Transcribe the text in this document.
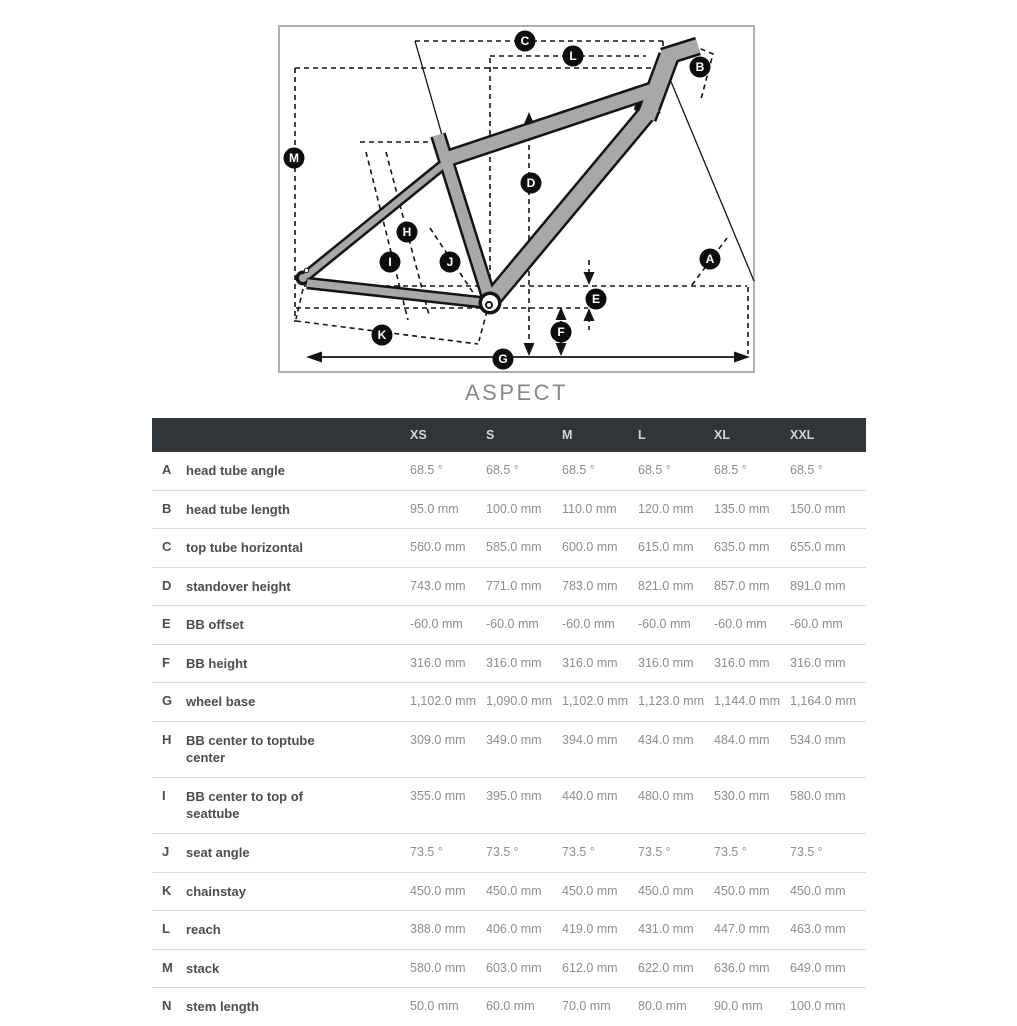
A
B
C
D
E
F
G
H
I	J
K
L
M
ASPECT
		XS	S	M	L	XL	XXL
A	head tube angle	68.5 °	68.5 °	68.5 °	68.5 °	68.5 °	68.5 °
B	head tube length	95.0 mm	100.0 mm	110.0 mm	120.0 mm	135.0 mm	150.0 mm
C	top tube horizontal	560.0 mm	585.0 mm	600.0 mm	615.0 mm	635.0 mm	655.0 mm
D	standover height	743.0 mm	771.0 mm	783.0 mm	821.0 mm	857.0 mm	891.0 mm
E	BB offset	-60.0 mm	-60.0 mm	-60.0 mm	-60.0 mm	-60.0 mm	-60.0 mm
F	BB height	316.0 mm	316.0 mm	316.0 mm	316.0 mm	316.0 mm	316.0 mm
G	wheel base	1,102.0 mm	1,090.0 mm	1,102.0 mm	1,123.0 mm	1,144.0 mm	1,164.0 mm
H	BB center to toptube center	309.0 mm	349.0 mm	394.0 mm	434.0 mm	484.0 mm	534.0 mm
I	BB center to top of seattube	355.0 mm	395.0 mm	440.0 mm	480.0 mm	530.0 mm	580.0 mm
J	seat angle	73.5 °	73.5 °	73.5 °	73.5 °	73.5 °	73.5 °
K	chainstay	450.0 mm	450.0 mm	450.0 mm	450.0 mm	450.0 mm	450.0 mm
L	reach	388.0 mm	406.0 mm	419.0 mm	431.0 mm	447.0 mm	463.0 mm
M	stack	580.0 mm	603.0 mm	612.0 mm	622.0 mm	636.0 mm	649.0 mm
N	stem length	50.0 mm	60.0 mm	70.0 mm	80.0 mm	90.0 mm	100.0 mm
